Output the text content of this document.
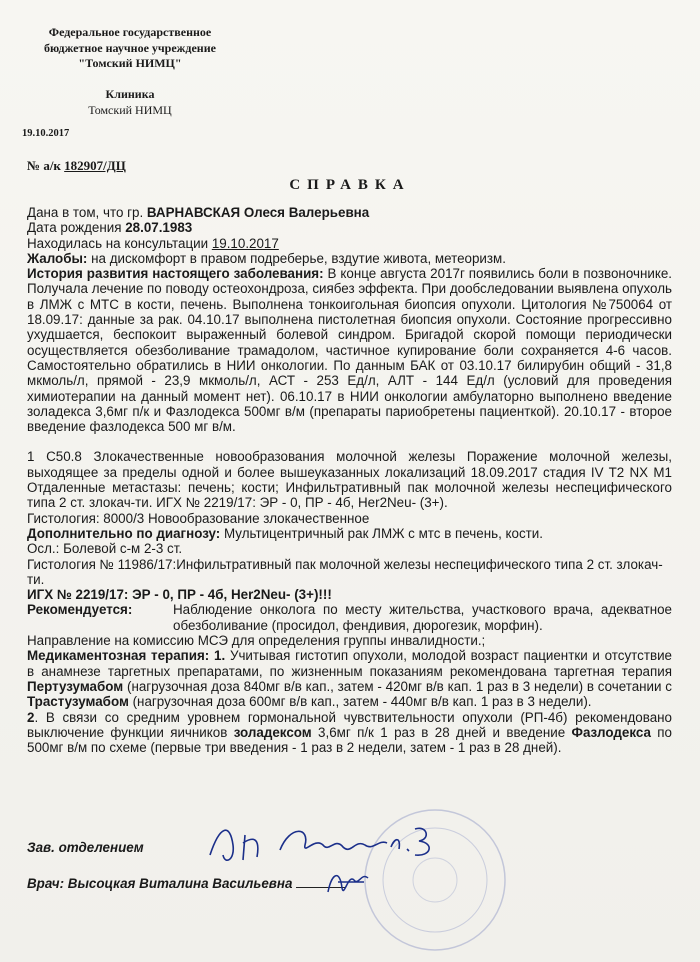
Федеральное государственное
бюджетное научное учреждение
"Томский НИМЦ"
Клиника
Томский НИМЦ
19.10.2017
№ а/к 182907/ДЦ
СПРАВКА

Дана в том, что гр. ВАРНАВСКАЯ Олеся Валерьевна

Дата рождения 28.07.1983

Находилась на консультации 19.10.2017

Жалобы: на дискомфорт в правом подреберье, вздутие живота, метеоризм.

История развития настоящего заболевания: В конце августа 2017г появились боли в позвоночнике. Получала лечение по поводу остеохондроза, сиябез эффекта. При дообследовании выявлена опухоль в ЛМЖ с МТС в кости, печень. Выполнена тонкоигольная биопсия опухоли. Цитология №750064 от 18.09.17: данные за рак. 04.10.17 выполнена пистолетная биопсия опухоли. Состояние прогрессивно ухудшается, беспокоит выраженный болевой синдром. Бригадой скорой помощи периодически осуществляется обезболивание трамадолом, частичное купирование боли сохраняется 4-6 часов. Самостоятельно обратились в НИИ онкологии. По данным БАК от 03.10.17 билирубин общий - 31,8 мкмоль/л, прямой - 23,9 мкмоль/л, АСТ - 253 Ед/л, АЛТ - 144 Ед/л (условий для проведения химиотерапии на данный момент нет). 06.10.17 в НИИ онкологии амбулаторно выполнено введение золадекса 3,6мг п/к и Фазлодекса 500мг в/м (препараты париобретены пациенткой). 20.10.17 - второе введение фазлодекса 500 мг в/м.

1 С50.8 Злокачественные новообразования молочной железы Поражение молочной железы, выходящее за пределы одной и более вышеуказанных локализаций 18.09.2017 стадия IV T2 NX M1 Отдаленные метастазы: печень; кости; Инфильтративный пак молочной железы неспецифического типа 2 ст. злокач-ти. ИГХ № 2219/17: ЭР - 0, ПР - 4б, Her2Neu- (3+).

Гистология: 8000/3 Новообразование злокачественное

Дополнительно по диагнозу: Мультицентричный рак ЛМЖ с мтс в печень, кости.

Осл.: Болевой с-м 2-3 ст.

Гистология № 11986/17:Инфильтративный пак молочной железы неспецифического типа 2 ст. злокач-ти.

ИГХ № 2219/17: ЭР - 0, ПР - 4б, Her2Neu- (3+)!!!

Рекомендуется:	Наблюдение онколога по месту жительства, участкового врача, адекватное обезболивание (просидол, фендивия, дюрогезик, морфин).

Направление на комиссию МСЭ для определения группы инвалидности.;

Медикаментозная терапия: 1. Учитывая гистотип опухоли, молодой возраст пациентки и отсутствие в анамнезе таргетных препаратами, по жизненным показаниям рекомендована таргетная терапия Пертузумабом (нагрузочная доза 840мг в/в кап., затем - 420мг в/в кап. 1 раз в 3 недели) в сочетании с Трастузумабом (нагрузочная доза 600мг в/в кап., затем - 440мг в/в кап. 1 раз в 3 недели).

2. В связи со средним уровнем гормональной чувствительности опухоли (РП-4б) рекомендовано выключение функции яичников золадексом 3,6мг п/к 1 раз в 28 дней и введение Фазлодекса по 500мг в/м по схеме (первые три введения - 1 раз в 2 недели, затем - 1 раз в 28 дней).

Зав. отделением
Врач: Высоцкая Виталина Васильевна
